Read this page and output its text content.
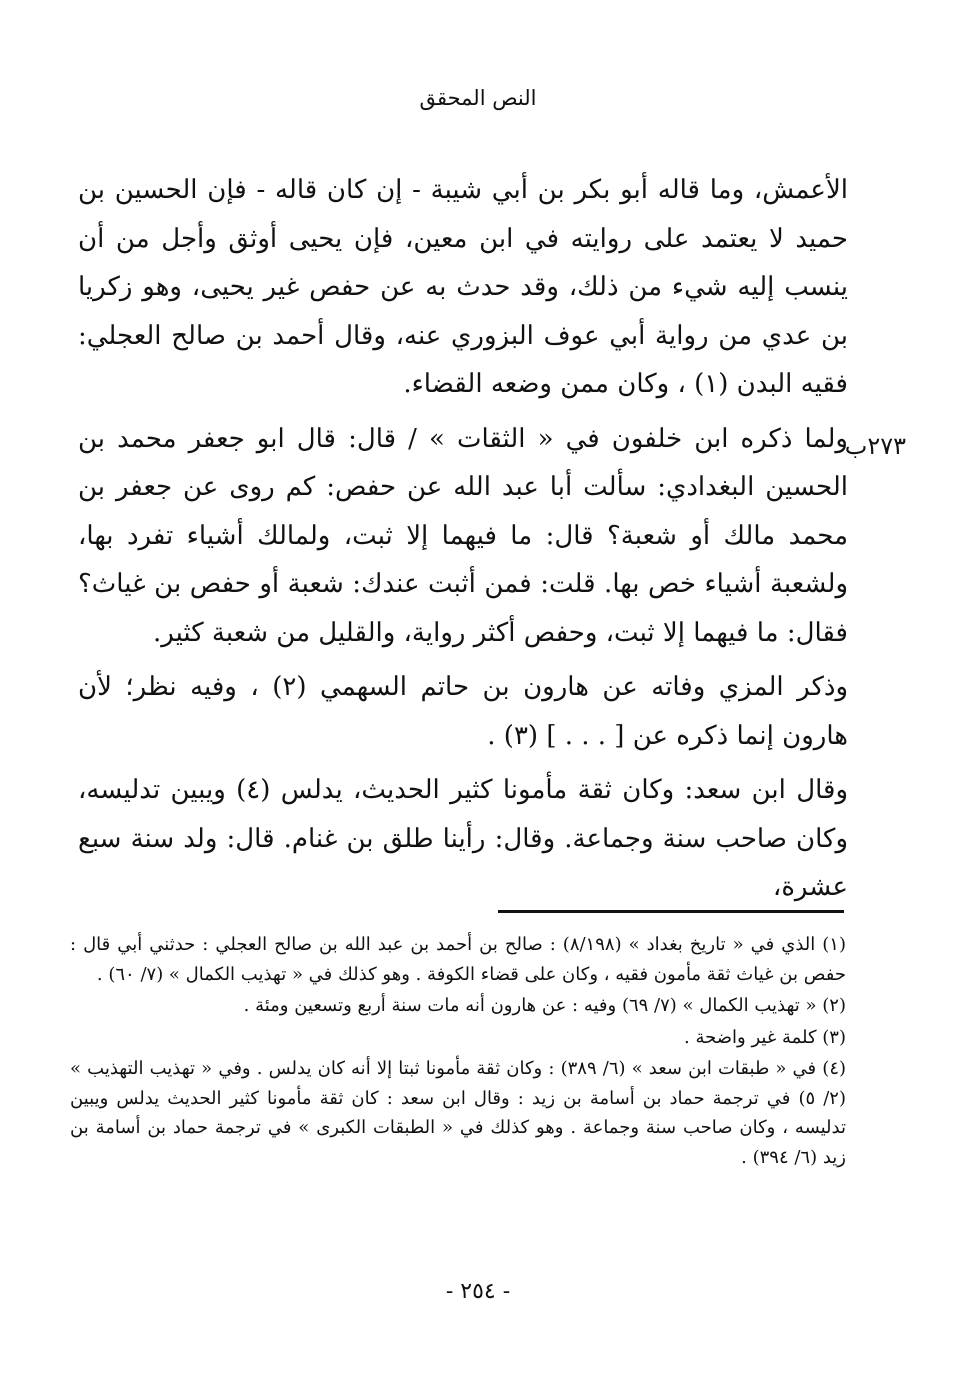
النص المحقق
٢٧٣ب

الأعمش، وما قاله أبو بكر بن أبي شيبة - إن كان قاله - فإن الحسين بن حميد لا يعتمد على روايته في ابن معين، فإن يحيى أوثق وأجل من أن ينسب إليه شيء من ذلك، وقد حدث به عن حفص غير يحيى، وهو زكريا بن عدي من رواية أبي عوف البزوري عنه، وقال أحمد بن صالح العجلي: فقيه البدن (١) ، وكان ممن وضعه القضاء.

ولما ذكره ابن خلفون في « الثقات » / قال: قال ابو جعفر محمد بن الحسين البغدادي: سألت أبا عبد الله عن حفص: كم روى عن جعفر بن محمد مالك أو شعبة؟ قال: ما فيهما إلا ثبت، ولمالك أشياء تفرد بها، ولشعبة أشياء خص بها. قلت: فمن أثبت عندك: شعبة أو حفص بن غياث؟ فقال: ما فيهما إلا ثبت، وحفص أكثر رواية، والقليل من شعبة كثير.

وذكر المزي وفاته عن هارون بن حاتم السهمي (٢) ، وفيه نظر؛ لأن هارون إنما ذكره عن [ . . . ] (٣) .

وقال ابن سعد: وكان ثقة مأمونا كثير الحديث، يدلس (٤) ويبين تدليسه، وكان صاحب سنة وجماعة. وقال: رأينا طلق بن غنام. قال: ولد سنة سبع عشرة،

(١) الذي في « تاريخ بغداد » (٨/١٩٨) : صالح بن أحمد بن عبد الله بن صالح العجلي : حدثني أبي قال : حفص بن غياث ثقة مأمون فقيه ، وكان على قضاء الكوفة . وهو كذلك في « تهذيب الكمال » (٧/ ٦٠) .

(٢) « تهذيب الكمال » (٧/ ٦٩) وفيه : عن هارون أنه مات سنة أربع وتسعين ومئة .

(٣) كلمة غير واضحة .

(٤) في « طبقات ابن سعد » (٦/ ٣٨٩) : وكان ثقة مأمونا ثبتا إلا أنه كان يدلس . وفي « تهذيب التهذيب » (٢/ ٥) في ترجمة حماد بن أسامة بن زيد : وقال ابن سعد : كان ثقة مأمونا كثير الحديث يدلس ويبين تدليسه ، وكان صاحب سنة وجماعة . وهو كذلك في « الطبقات الكبرى » في ترجمة حماد بن أسامة بن زيد (٦/ ٣٩٤) .

- ٢٥٤ -
